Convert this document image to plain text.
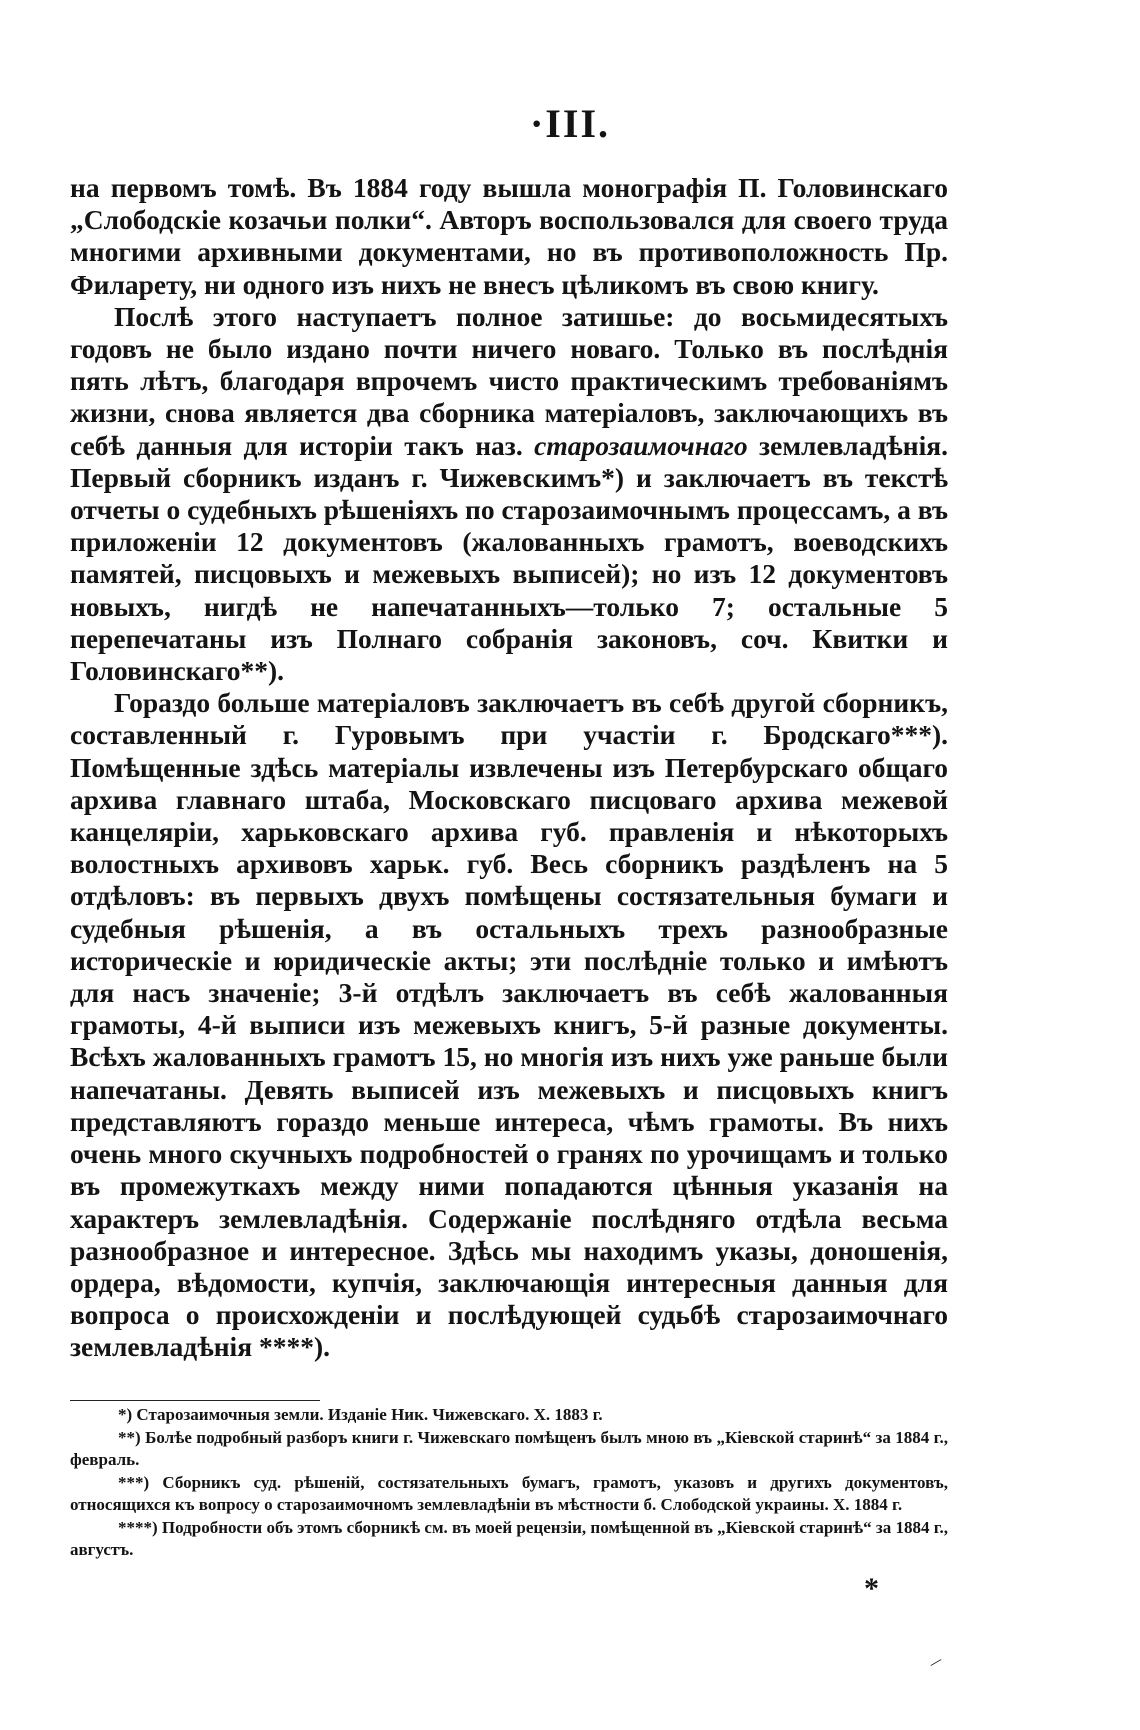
·III.

на первомъ томѣ. Въ 1884 году вышла монографія П. Головинскаго „Слободскіе козачьи полки“. Авторъ воспользовался для своего труда многими архивными документами, но въ противоположность Пр. Филарету, ни одного изъ нихъ не внесъ цѣликомъ въ свою книгу.

Послѣ этого наступаетъ полное затишье: до восьмидесятыхъ годовъ не было издано почти ничего новаго. Только въ послѣднія пять лѣтъ, благодаря впрочемъ чисто практическимъ требованіямъ жизни, снова является два сборника матеріаловъ, заключающихъ въ себѣ данныя для исторіи такъ наз. старозаимочнаго землевладѣнія. Первый сборникъ изданъ г. Чижевскимъ*) и заключаетъ въ текстѣ отчеты о судебныхъ рѣшеніяхъ по старозаимочнымъ процессамъ, а въ приложеніи 12 документовъ (жалованныхъ грамотъ, воеводскихъ памятей, писцовыхъ и межевыхъ выписей); но изъ 12 документовъ новыхъ, нигдѣ не напечатанныхъ—только 7; остальные 5 перепечатаны изъ Полнаго собранія законовъ, соч. Квитки и Головинскаго**).

Гораздо больше матеріаловъ заключаетъ въ себѣ другой сборникъ, составленный г. Гуровымъ при участіи г. Бродскаго***). Помѣщенные здѣсь матеріалы извлечены изъ Петербурскаго общаго архива главнаго штаба, Московскаго писцоваго архива межевой канцеляріи, харьковскаго архива губ. правленія и нѣкоторыхъ волостныхъ архивовъ харьк. губ. Весь сборникъ раздѣленъ на 5 отдѣловъ: въ первыхъ двухъ помѣщены состязательныя бумаги и судебныя рѣшенія, а въ остальныхъ трехъ разнообразные историческіе и юридическіе акты; эти послѣдніе только и имѣютъ для насъ значеніе; 3-й отдѣлъ заключаетъ въ себѣ жалованныя грамоты, 4-й выписи изъ межевыхъ книгъ, 5-й разные документы. Всѣхъ жалованныхъ грамотъ 15, но многія изъ нихъ уже раньше были напечатаны. Девять выписей изъ межевыхъ и писцовыхъ книгъ представляютъ гораздо меньше интереса, чѣмъ грамоты. Въ нихъ очень много скучныхъ подробностей о гранях по урочищамъ и только въ промежуткахъ между ними попадаются цѣнныя указанія на характеръ землевладѣнія. Содержаніе послѣдняго отдѣла весьма разнообразное и интересное. Здѣсь мы находимъ указы, доношенія, ордера, вѣдомости, купчія, заключающія интересныя данныя для вопроса о происхожденіи и послѣдующей судьбѣ старозаимочнаго землевладѣнія ****).

*) Старозаимочныя земли. Изданіе Ник. Чижевскаго. Х. 1883 г.

**) Болѣе подробный разборъ книги г. Чижевскаго помѣщенъ былъ мною въ „Кіевской старинѣ“ за 1884 г., февраль.

***) Сборникъ суд. рѣшеній, состязательныхъ бумагъ, грамотъ, указовъ и другихъ документовъ, относящихся къ вопросу о старозаимочномъ землевладѣніи въ мѣстности б. Слободской украины. Х. 1884 г.

****) Подробности объ этомъ сборникѣ см. въ моей рецензіи, помѣщенной въ „Кіевской старинѣ“ за 1884 г., августъ.

*
